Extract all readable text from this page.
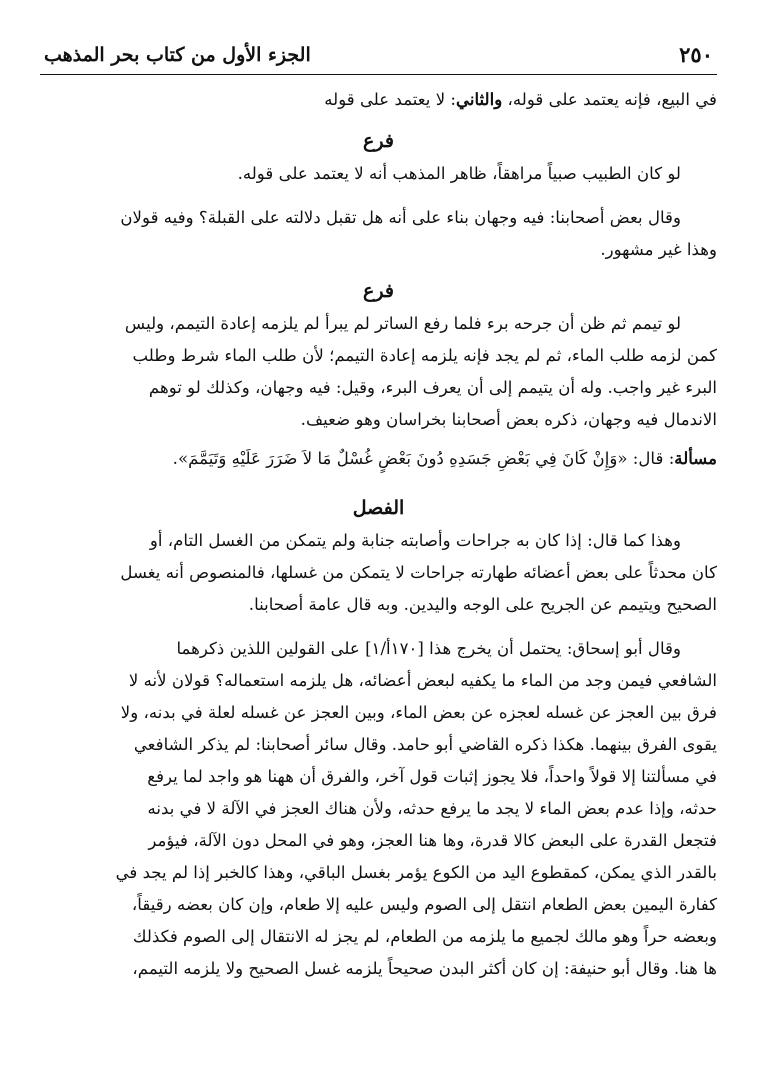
٢٥٠
الجزء الأول من كتاب بحر المذهب
في البيع، فإنه يعتمد على قوله، والثاني: لا يعتمد على قوله
فرع
لو كان الطبيب صبياً مراهقاً، ظاهر المذهب أنه لا يعتمد على قوله.
وقال بعض أصحابنا: فيه وجهان بناء على أنه هل تقبل دلالته على القبلة؟ وفيه قولان
وهذا غير مشهور.
فرع
لو تيمم ثم ظن أن جرحه برء فلما رفع الساتر لم يبرأ لم يلزمه إعادة التيمم، وليس
كمن لزمه طلب الماء، ثم لم يجد فإنه يلزمه إعادة التيمم؛ لأن طلب الماء شرط وطلب
البرء غير واجب. وله أن يتيمم إلى أن يعرف البرء، وقيل: فيه وجهان، وكذلك لو توهم
الاندمال فيه وجهان، ذكره بعض أصحابنا بخراسان وهو ضعيف.
مسألة: قال: «وَإِنْ كَانَ فِي بَعْضِ جَسَدِهِ دُونَ بَعْضٍ غُسْلٌ مَا لاَ ضَرَرَ عَلَيْهِ وَتَيَمَّمَ».
الفصل
وهذا كما قال: إذا كان به جراحات وأصابته جنابة ولم يتمكن من الغسل التام، أو
كان محدثاً على بعض أعضائه طهارته جراحات لا يتمكن من غسلها، فالمنصوص أنه يغسل
الصحيح ويتيمم عن الجريح على الوجه واليدين. وبه قال عامة أصحابنا.
وقال أبو إسحاق: يحتمل أن يخرج هذا [١٧٠أ/١] على القولين اللذين ذكرهما
الشافعي فيمن وجد من الماء ما يكفيه لبعض أعضائه، هل يلزمه استعماله؟ قولان لأنه لا
فرق بين العجز عن غسله لعجزه عن بعض الماء، وبين العجز عن غسله لعلة في بدنه، ولا
يقوى الفرق بينهما. هكذا ذكره القاضي أبو حامد. وقال سائر أصحابنا: لم يذكر الشافعي
في مسألتنا إلا قولاً واحداً، فلا يجوز إثبات قول آخر، والفرق أن ههنا هو واجد لما يرفع
حدثه، وإذا عدم بعض الماء لا يجد ما يرفع حدثه، ولأن هناك العجز في الآلة لا في بدنه
فتجعل القدرة على البعض كالا قدرة، وها هنا العجز، وهو في المحل دون الآلة، فيؤمر
بالقدر الذي يمكن، كمقطوع اليد من الكوع يؤمر بغسل الباقي، وهذا كالخبر إذا لم يجد في
كفارة اليمين بعض الطعام انتقل إلى الصوم وليس عليه إلا طعام، وإن كان بعضه رقيقاً،
وبعضه حراً وهو مالك لجميع ما يلزمه من الطعام، لم يجز له الانتقال إلى الصوم فكذلك
ها هنا. وقال أبو حنيفة: إن كان أكثر البدن صحيحاً يلزمه غسل الصحيح ولا يلزمه التيمم،
